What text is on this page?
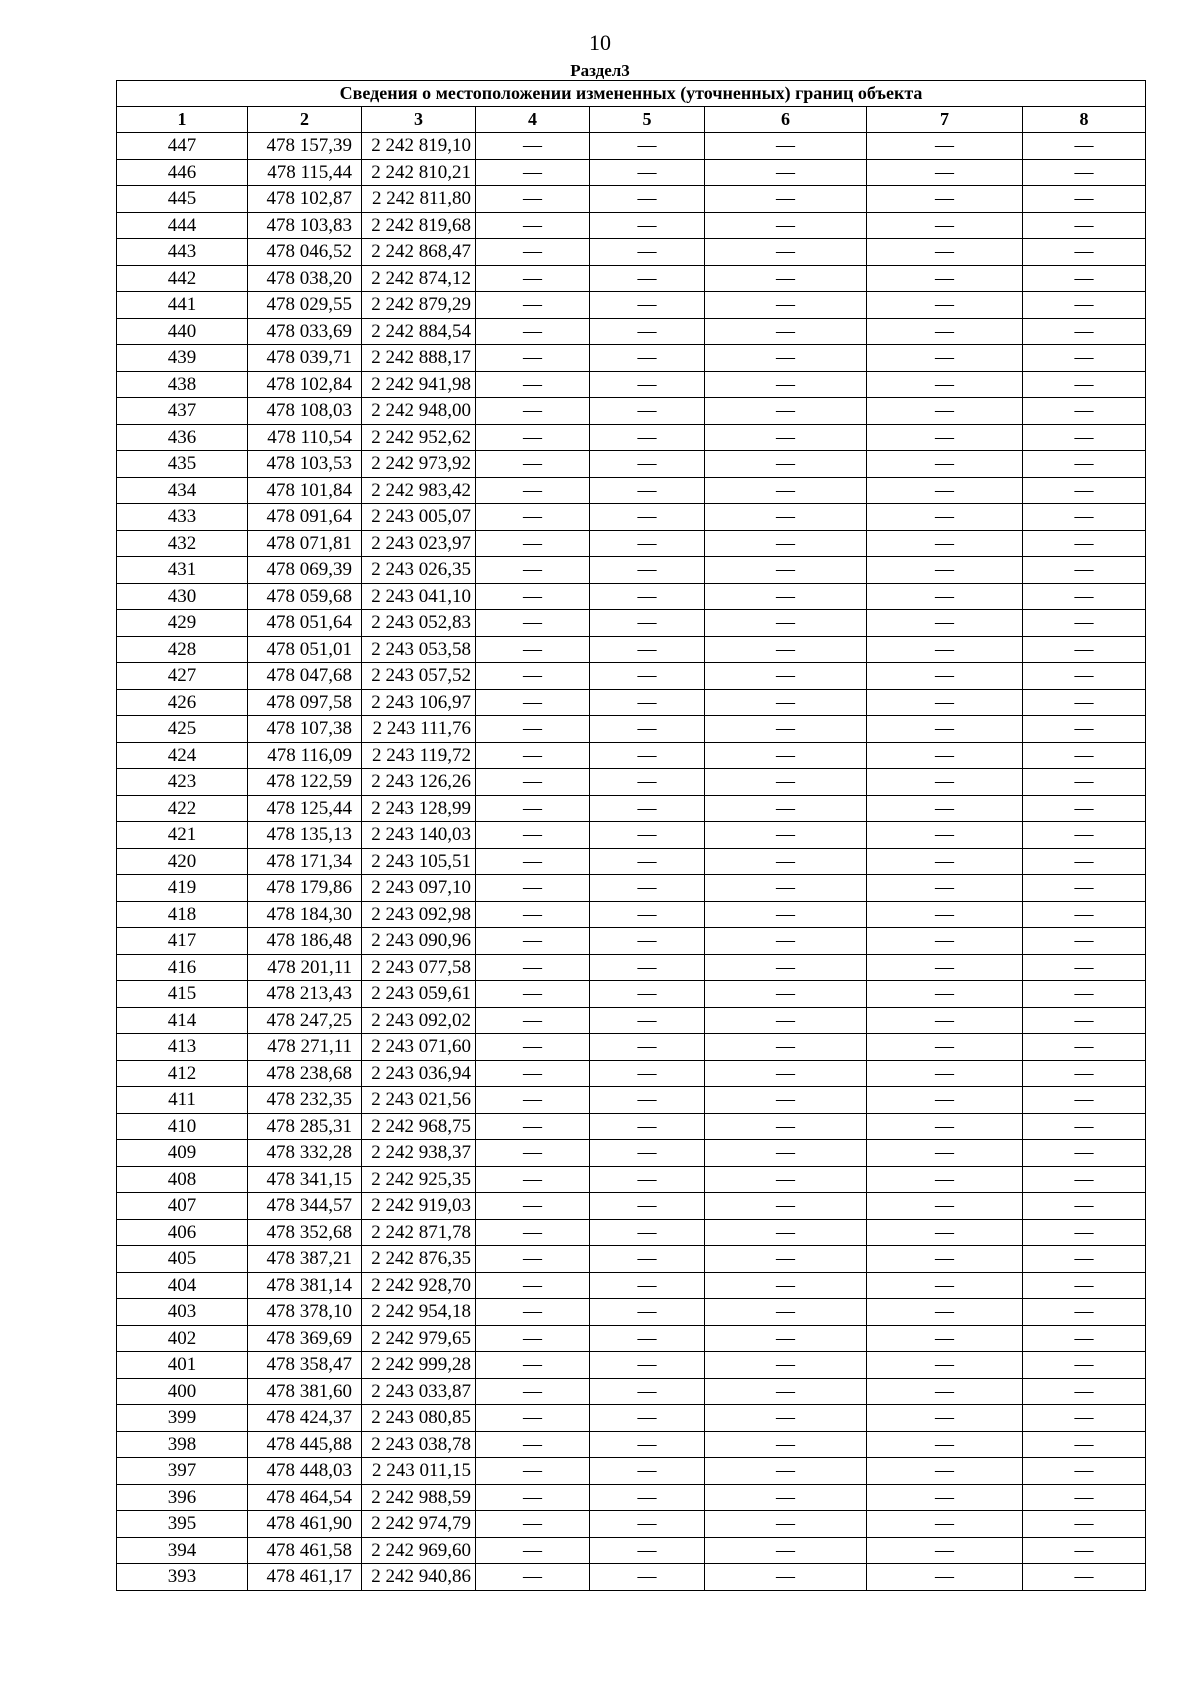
10
Раздел3
Сведения о местоположении измененных (уточненных) границ объекта							
1	2	3	4	5	6	7	8
447	478 157,39	2 242 819,10	—	—	—	—	—
446	478 115,44	2 242 810,21	—	—	—	—	—
445	478 102,87	2 242 811,80	—	—	—	—	—
444	478 103,83	2 242 819,68	—	—	—	—	—
443	478 046,52	2 242 868,47	—	—	—	—	—
442	478 038,20	2 242 874,12	—	—	—	—	—
441	478 029,55	2 242 879,29	—	—	—	—	—
440	478 033,69	2 242 884,54	—	—	—	—	—
439	478 039,71	2 242 888,17	—	—	—	—	—
438	478 102,84	2 242 941,98	—	—	—	—	—
437	478 108,03	2 242 948,00	—	—	—	—	—
436	478 110,54	2 242 952,62	—	—	—	—	—
435	478 103,53	2 242 973,92	—	—	—	—	—
434	478 101,84	2 242 983,42	—	—	—	—	—
433	478 091,64	2 243 005,07	—	—	—	—	—
432	478 071,81	2 243 023,97	—	—	—	—	—
431	478 069,39	2 243 026,35	—	—	—	—	—
430	478 059,68	2 243 041,10	—	—	—	—	—
429	478 051,64	2 243 052,83	—	—	—	—	—
428	478 051,01	2 243 053,58	—	—	—	—	—
427	478 047,68	2 243 057,52	—	—	—	—	—
426	478 097,58	2 243 106,97	—	—	—	—	—
425	478 107,38	2 243 111,76	—	—	—	—	—
424	478 116,09	2 243 119,72	—	—	—	—	—
423	478 122,59	2 243 126,26	—	—	—	—	—
422	478 125,44	2 243 128,99	—	—	—	—	—
421	478 135,13	2 243 140,03	—	—	—	—	—
420	478 171,34	2 243 105,51	—	—	—	—	—
419	478 179,86	2 243 097,10	—	—	—	—	—
418	478 184,30	2 243 092,98	—	—	—	—	—
417	478 186,48	2 243 090,96	—	—	—	—	—
416	478 201,11	2 243 077,58	—	—	—	—	—
415	478 213,43	2 243 059,61	—	—	—	—	—
414	478 247,25	2 243 092,02	—	—	—	—	—
413	478 271,11	2 243 071,60	—	—	—	—	—
412	478 238,68	2 243 036,94	—	—	—	—	—
411	478 232,35	2 243 021,56	—	—	—	—	—
410	478 285,31	2 242 968,75	—	—	—	—	—
409	478 332,28	2 242 938,37	—	—	—	—	—
408	478 341,15	2 242 925,35	—	—	—	—	—
407	478 344,57	2 242 919,03	—	—	—	—	—
406	478 352,68	2 242 871,78	—	—	—	—	—
405	478 387,21	2 242 876,35	—	—	—	—	—
404	478 381,14	2 242 928,70	—	—	—	—	—
403	478 378,10	2 242 954,18	—	—	—	—	—
402	478 369,69	2 242 979,65	—	—	—	—	—
401	478 358,47	2 242 999,28	—	—	—	—	—
400	478 381,60	2 243 033,87	—	—	—	—	—
399	478 424,37	2 243 080,85	—	—	—	—	—
398	478 445,88	2 243 038,78	—	—	—	—	—
397	478 448,03	2 243 011,15	—	—	—	—	—
396	478 464,54	2 242 988,59	—	—	—	—	—
395	478 461,90	2 242 974,79	—	—	—	—	—
394	478 461,58	2 242 969,60	—	—	—	—	—
393	478 461,17	2 242 940,86	—	—	—	—	—
